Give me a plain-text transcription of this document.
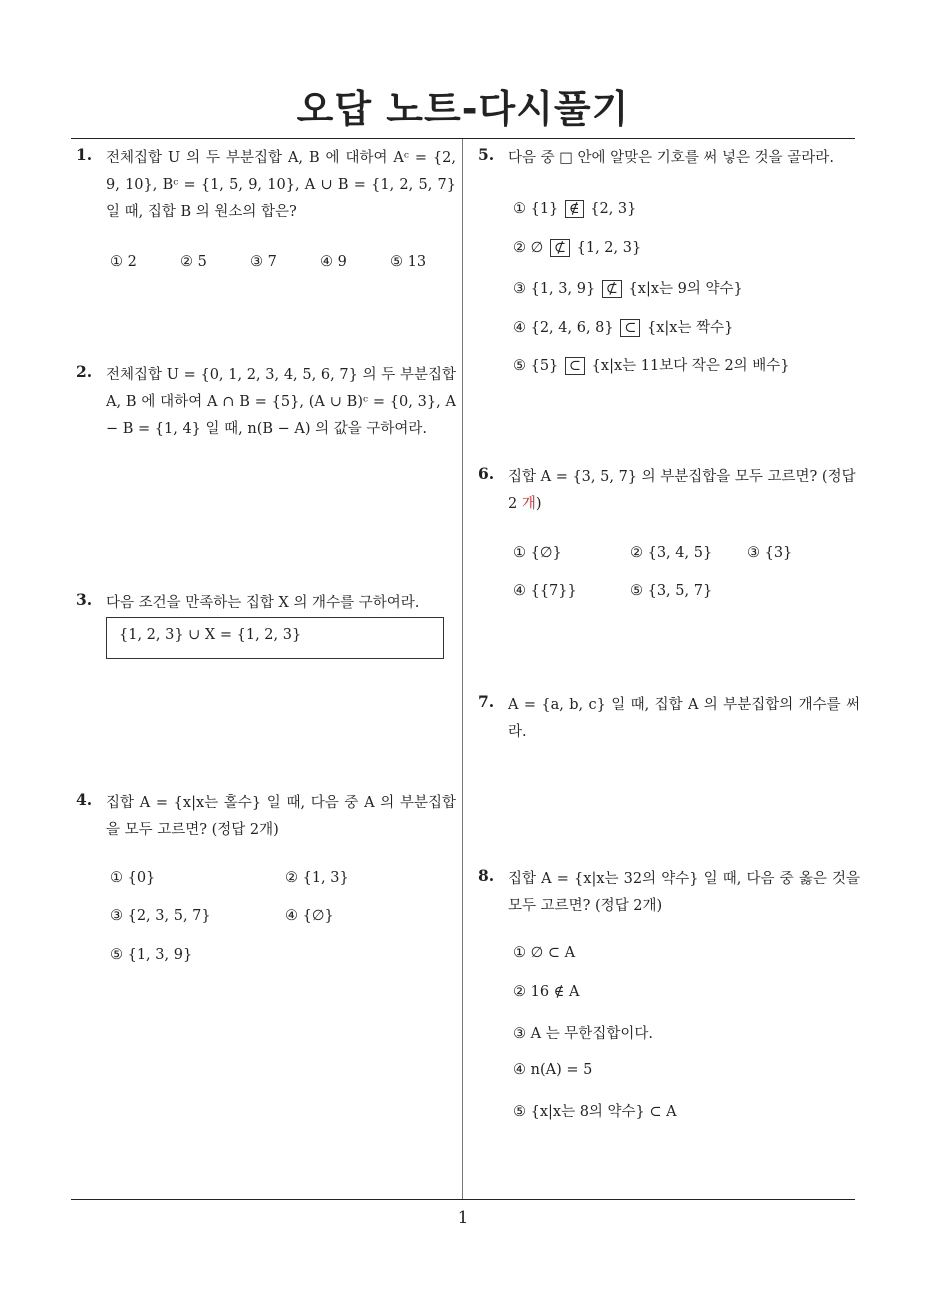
오답 노트-다시풀기
1
1. 전체집합 U 의 두 부분집합 A, B 에 대하여 Aᶜ = {2, 9, 10}, Bᶜ = {1, 5, 9, 10}, A ∪ B = {1, 2, 5, 7} 일 때, 집합 B 의 원소의 합은?
① 2	② 5	③ 7	④ 9	⑤ 13
2. 전체집합 U = {0, 1, 2, 3, 4, 5, 6, 7} 의 두 부분집합 A, B 에 대하여 A ∩ B = {5}, (A ∪ B)ᶜ = {0, 3}, A − B = {1, 4} 일 때, n(B − A) 의 값을 구하여라.
3. 다음 조건을 만족하는 집합 X 의 개수를 구하여라.
{1, 2, 3} ∪ X = {1, 2, 3}
4. 집합 A = {x|x는 홀수} 일 때, 다음 중 A 의 부분집합을 모두 고르면? (정답 2개)
① {0}	② {1, 3}
③ {2, 3, 5, 7}	④ {∅}
⑤ {1, 3, 9}
5. 다음 중 □ 안에 알맞은 기호를 써 넣은 것을 골라라.
① {1} ∉ {2, 3}
② ∅ ⊄ {1, 2, 3}
③ {1, 3, 9} ⊄ {x|x는 9의 약수}
④ {2, 4, 6, 8} ⊂ {x|x는 짝수}
⑤ {5} ⊂ {x|x는 11보다 작은 2의 배수}
6. 집합 A = {3, 5, 7} 의 부분집합을 모두 고르면? (정답
2 개)
① {∅}	② {3, 4, 5} ③ {3}
④ {{7}}	⑤ {3, 5, 7}
7. A = {a, b, c} 일 때, 집합 A 의 부분집합의 개수를 써라.
8. 집합 A = {x|x는 32의 약수} 일 때, 다음 중 옳은 것을 모두 고르면? (정답 2개)
① ∅ ⊂ A
② 16 ∉ A
③ A 는 무한집합이다.
④ n(A) = 5
⑤ {x|x는 8의 약수} ⊂ A
